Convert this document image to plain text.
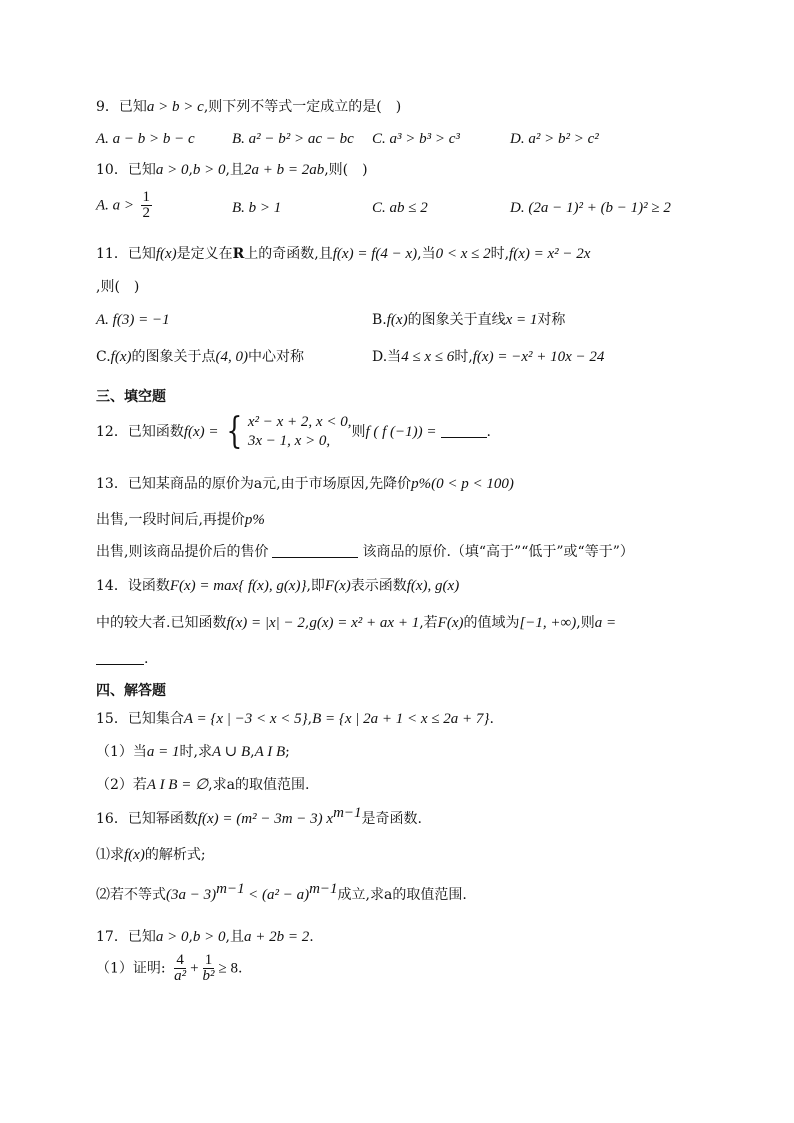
9．已知a > b > c,则下列不等式一定成立的是(　)
A. a − b > b − c B. a² − b² > ac − bc C. a³ > b³ > c³	D. a² > b² > c²
10．已知a > 0,b > 0,且2a + b = 2ab,则(　)
A. $a > \frac{1}{2}$	B. b > 1	C. ab ≤ 2	D. (2a − 1)² + (b − 1)² ≥ 2
11．已知f(x)是定义在R上的奇函数,且f(x) = f(4 − x),当0 < x ≤ 2时,f(x) = x² − 2x
,则(　)
A. f(3) = −1	B.f(x)的图象关于直线x = 1对称
C.f(x)的图象关于点(4, 0)中心对称	D.当4 ≤ x ≤ 6时,f(x) = −x² + 10x − 24
三、填空题
12．已知函数f(x) = { x² − x + 2, x < 0,
3x − 1, x > 0,
则f ( f (−1)) =	.
13．已知某商品的原价为a元,由于市场原因,先降价p%(0 < p < 100)
出售,一段时间后,再提价p%
出售,则该商品提价后的售价	该商品的原价.（填“高于”“低于”或“等于”）
14．设函数F(x) = max{ f(x), g(x)},即F(x)表示函数f(x), g(x)
中的较大者.已知函数f(x) = |x| − 2,g(x) = x² + ax + 1,若F(x)的值域为[−1, +∞),则a =
.
四、解答题
15．已知集合A = {x | −3 < x < 5},B = {x | 2a + 1 < x ≤ 2a + 7}.
（1）当a = 1时,求A ∪ B,A I B;
（2）若A I B = ∅,求a的取值范围.
16．已知幂函数f(x) = (m² − 3m − 3) $x^{m-1}$是奇函数.
⑴求f(x)的解析式;
⑵若不等式$(3a - 3)^{m-1} < (a^2 - a)^{m-1}$成立,求a的取值范围.
17．已知a > 0,b > 0,且a + 2b = 2.
（1）证明: $\frac{4}{\text{a²}} + \frac{1}{\text{b²}} \ge 8$.
